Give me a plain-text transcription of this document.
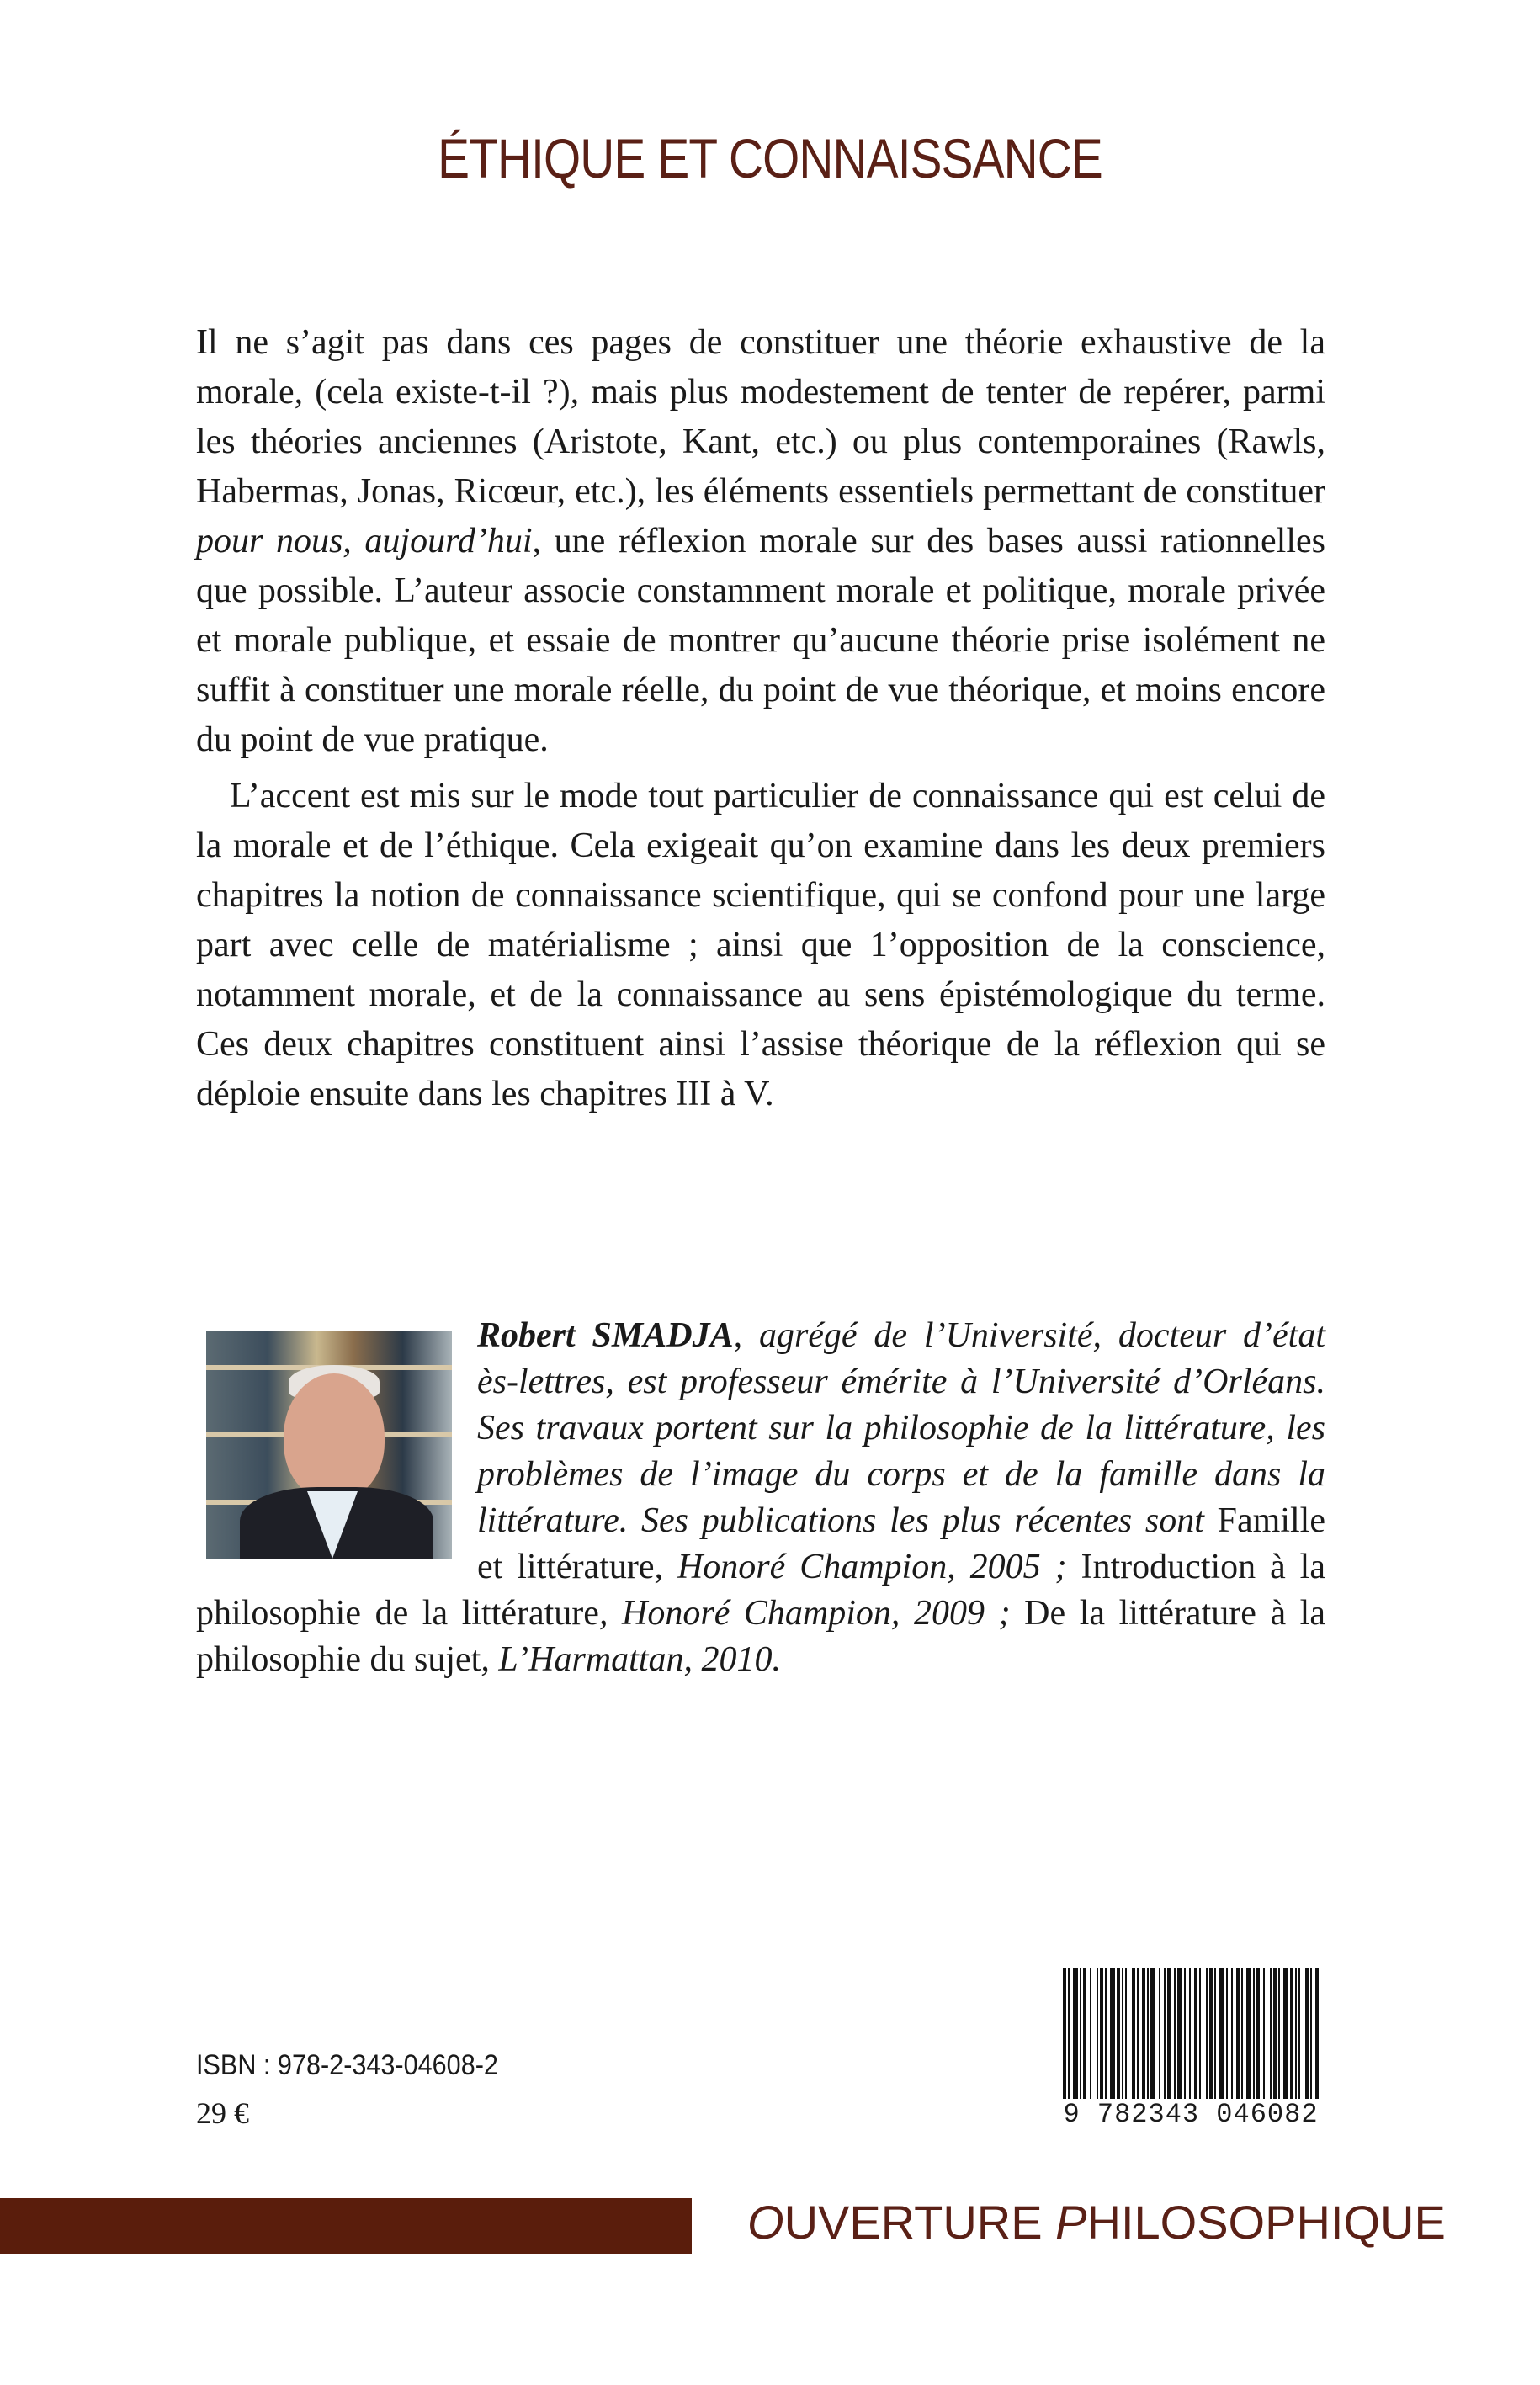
ÉTHIQUE ET CONNAISSANCE

Il ne s’agit pas dans ces pages de constituer une théorie exhaustive de la morale, (cela existe-t-il ?), mais plus modestement de tenter de repérer, parmi les théories anciennes (Aristote, Kant, etc.) ou plus contemporaines (Rawls, Habermas, Jonas, Ricœur, etc.), les éléments essentiels permettant de constituer pour nous, aujourd’hui, une réflexion morale sur des bases aussi rationnelles que possible. L’auteur associe constamment morale et politique, morale privée et morale publique, et essaie de montrer qu’aucune théorie prise isolément ne suffit à constituer une morale réelle, du point de vue théorique, et moins encore du point de vue pratique.

L’accent est mis sur le mode tout particulier de connaissance qui est celui de la morale et de l’éthique. Cela exigeait qu’on examine dans les deux premiers chapitres la notion de connaissance scientifique, qui se confond pour une large part avec celle de matérialisme ; ainsi que 1’opposition de la conscience, notamment morale, et de la connaissance au sens épistémologique du terme. Ces deux chapitres constituent ainsi l’assise théorique de la réflexion qui se déploie ensuite dans les chapitres III à V.

Robert SMADJA, agrégé de l’Université, docteur d’état ès-lettres, est professeur émérite à l’Université d’Orléans. Ses travaux portent sur la philosophie de la littérature, les problèmes de l’image du corps et de la famille dans la littérature. Ses publications les plus récentes sont Famille et littérature, Honoré Champion, 2005 ; Introduction à la philosophie de la littérature, Honoré Champion, 2009 ; De la littérature à la philosophie du sujet, L’Harmattan, 2010.
ISBN : 978-2-343-04608-2
29 €	9 782343 046082
OUVERTURE PHILOSOPHIQUE
